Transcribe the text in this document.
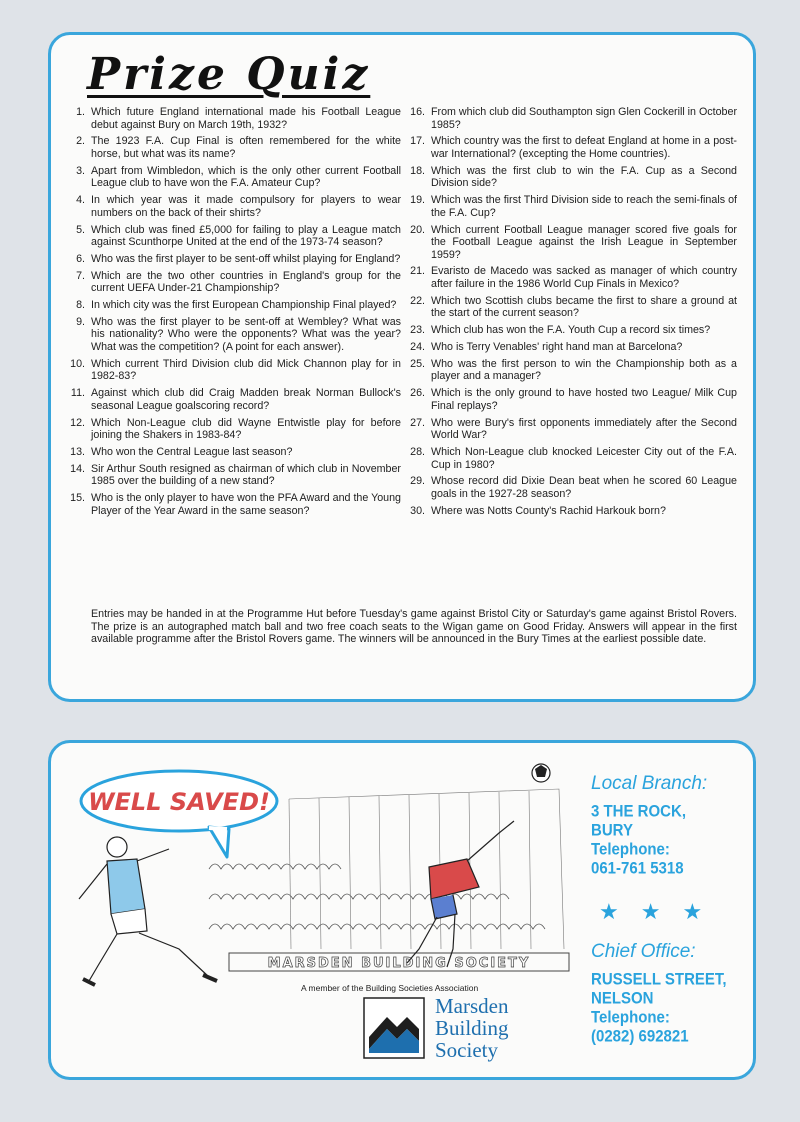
Prize Quiz
1. Which future England international made his Football League debut against Bury on March 19th, 1932?
2. The 1923 F.A. Cup Final is often remembered for the white horse, but what was its name?
3. Apart from Wimbledon, which is the only other current Football League club to have won the F.A. Amateur Cup?
4. In which year was it made compulsory for players to wear numbers on the back of their shirts?
5. Which club was fined £5,000 for failing to play a League match against Scunthorpe United at the end of the 1973-74 season?
6. Who was the first player to be sent-off whilst playing for England?
7. Which are the two other countries in England's group for the current UEFA Under-21 Championship?
8. In which city was the first European Championship Final played?
9. Who was the first player to be sent-off at Wembley? What was his nationality? Who were the opponents? What was the year? What was the competition? (A point for each answer).
10. Which current Third Division club did Mick Channon play for in 1982-83?
11. Against which club did Craig Madden break Norman Bullock's seasonal League goalscoring record?
12. Which Non-League club did Wayne Entwistle play for before joining the Shakers in 1983-84?
13. Who won the Central League last season?
14. Sir Arthur South resigned as chairman of which club in November 1985 over the building of a new stand?
15. Who is the only player to have won the PFA Award and the Young Player of the Year Award in the same season?
16. From which club did Southampton sign Glen Cockerill in October 1985?
17. Which country was the first to defeat England at home in a post-war International? (excepting the Home countries).
18. Which was the first club to win the F.A. Cup as a Second Division side?
19. Which was the first Third Division side to reach the semi-finals of the F.A. Cup?
20. Which current Football League manager scored five goals for the Football League against the Irish League in September 1959?
21. Evaristo de Macedo was sacked as manager of which country after failure in the 1986 World Cup Finals in Mexico?
22. Which two Scottish clubs became the first to share a ground at the start of the current season?
23. Which club has won the F.A. Youth Cup a record six times?
24. Who is Terry Venables' right hand man at Barcelona?
25. Who was the first person to win the Championship both as a player and a manager?
26. Which is the only ground to have hosted two League/ Milk Cup Final replays?
27. Who were Bury's first opponents immediately after the Second World War?
28. Which Non-League club knocked Leicester City out of the F.A. Cup in 1980?
29. Whose record did Dixie Dean beat when he scored 60 League goals in the 1927-28 season?
30. Where was Notts County's Rachid Harkouk born?

Entries may be handed in at the Programme Hut before Tuesday's game against Bristol City or Saturday's game against Bristol Rovers. The prize is an autographed match ball and two free coach seats to the Wigan game on Good Friday. Answers will appear in the first available programme after the Bristol Rovers game. The winners will be announced in the Bury Times at the earliest possible date.

MARSDEN BUILDING SOCIETY
WELL SAVED!

A member of the Building Societies Association

Marsden
Building
Society

Local Branch:

3 THE ROCK,
BURY
Telephone:
061-761 5318
★★★

Chief Office:

RUSSELL STREET,
NELSON
Telephone:
(0282) 692821
